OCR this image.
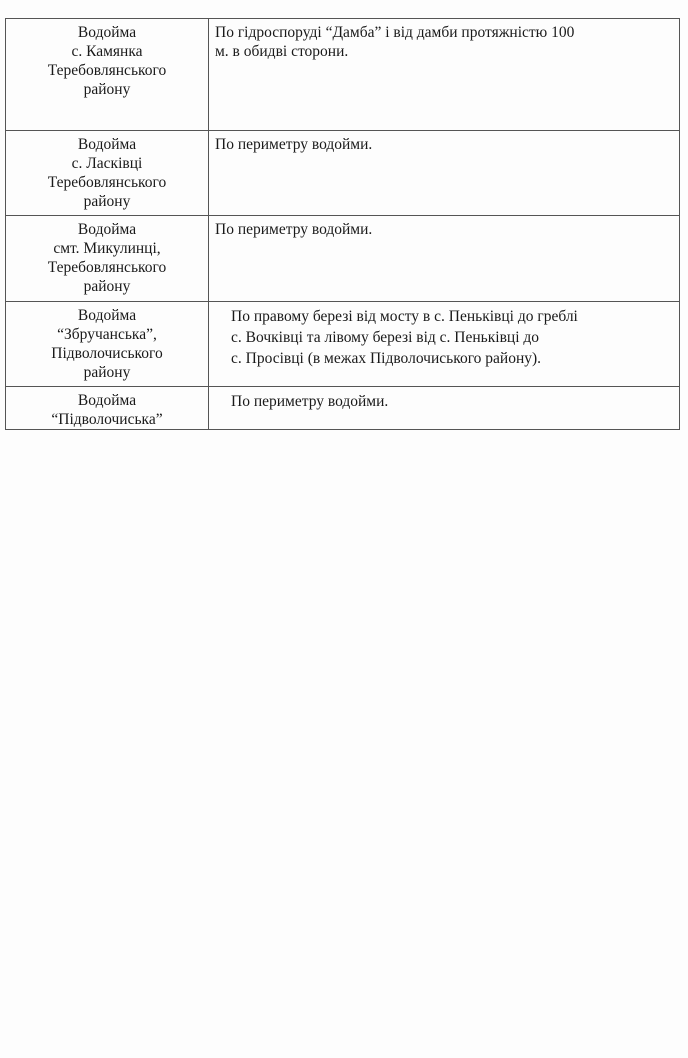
Водойма
с. Камянка
Теребовлянського
району	По гідроспоруді “Дамба” і від дамби протяжністю 100
м. в обидві сторони.

Водойма
с. Ласківці
Теребовлянського
району	По периметру водойми.

Водойма
смт. Микулинці,
Теребовлянського
району	По периметру водойми.

Водойма
“Збручанська”,
Підволочиського
району	По правому березі від мосту в с. Пеньківці до греблі
с. Вочківці та лівому березі від с. Пеньківці до
с. Просівці (в межах Підволочиського району).

Водойма
“Підволочиська”	По периметру водойми.
